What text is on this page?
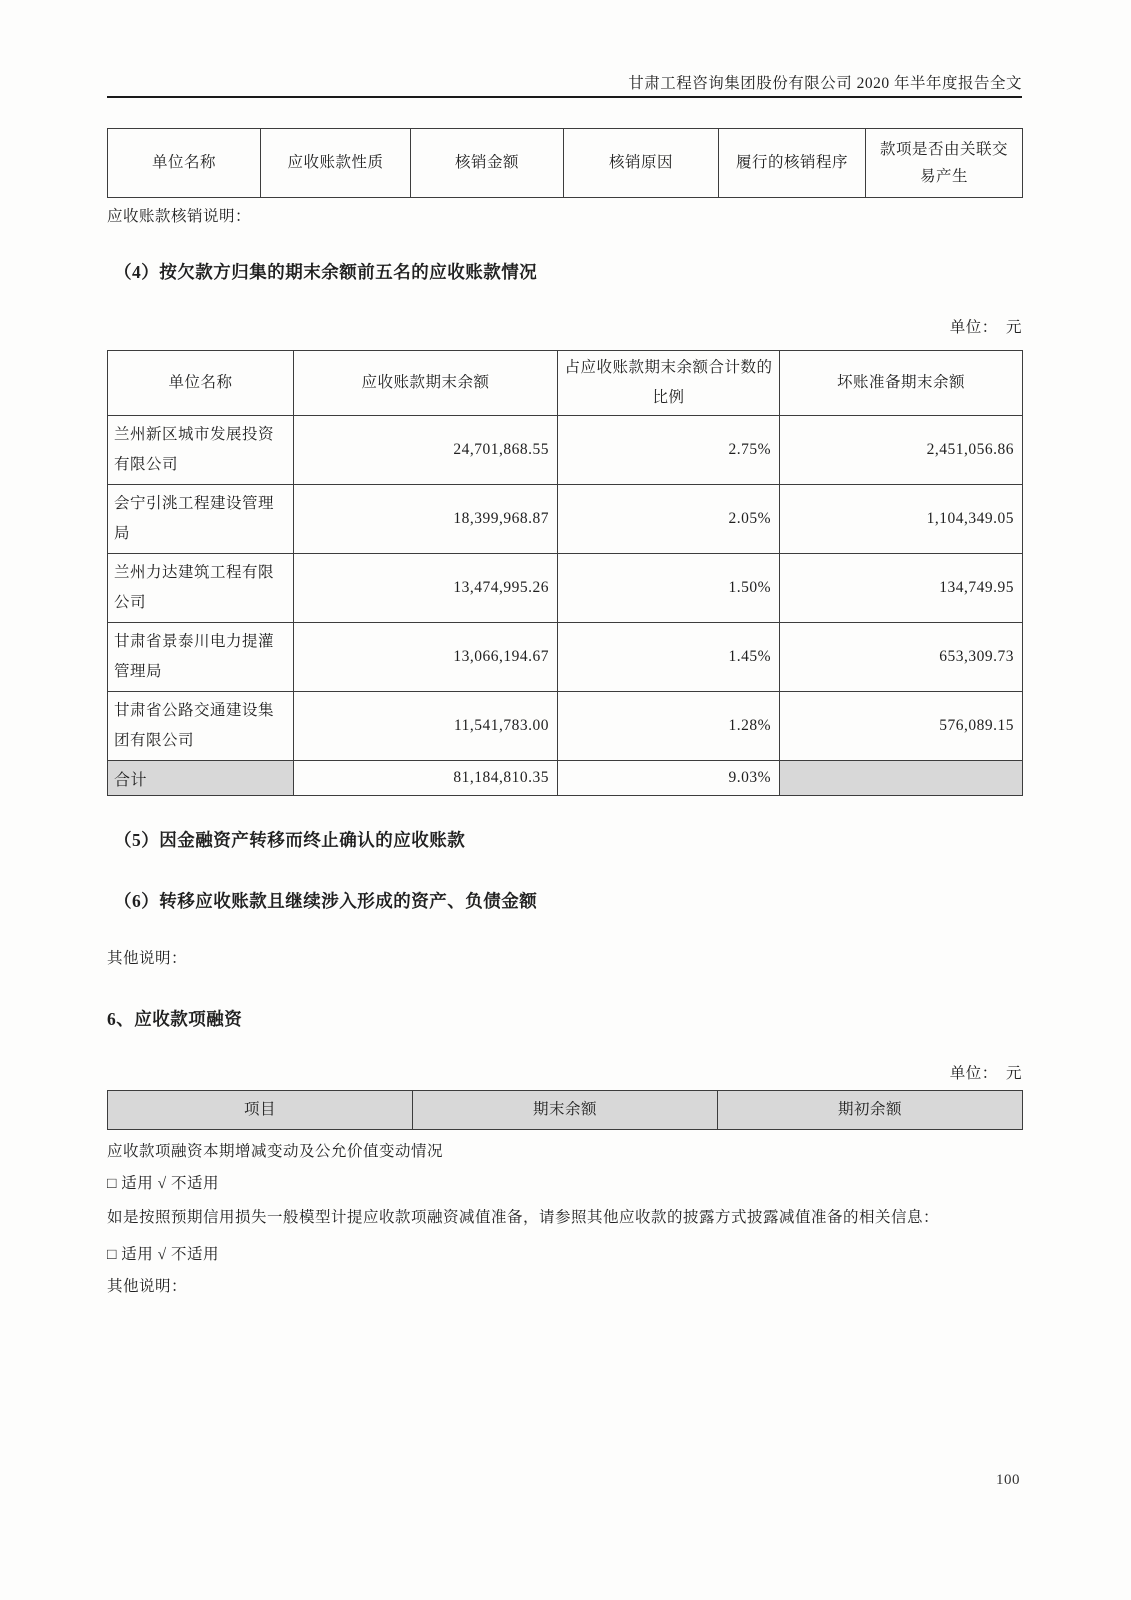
甘肃工程咨询集团股份有限公司 2020 年半年度报告全文
单位名称	应收账款性质	核销金额	核销原因	履行的核销程序	款项是否由关联交易产生
应收账款核销说明：
（4）按欠款方归集的期末余额前五名的应收账款情况
单位：　元
单位名称	应收账款期末余额	占应收账款期末余额合计数的比例	坏账准备期末余额
兰州新区城市发展投资有限公司	24,701,868.55	2.75%	2,451,056.86
会宁引洮工程建设管理局	18,399,968.87	2.05%	1,104,349.05
兰州力达建筑工程有限公司	13,474,995.26	1.50%	134,749.95
甘肃省景泰川电力提灌管理局	13,066,194.67	1.45%	653,309.73
甘肃省公路交通建设集团有限公司	11,541,783.00	1.28%	576,089.15
合计	81,184,810.35	9.03%	
（5）因金融资产转移而终止确认的应收账款
（6）转移应收账款且继续涉入形成的资产、负债金额
其他说明：
6、应收款项融资
单位：　元
项目	期末余额	期初余额
应收款项融资本期增减变动及公允价值变动情况
□ 适用 √ 不适用
如是按照预期信用损失一般模型计提应收款项融资减值准备，请参照其他应收款的披露方式披露减值准备的相关信息：
□ 适用 √ 不适用
其他说明：
100
